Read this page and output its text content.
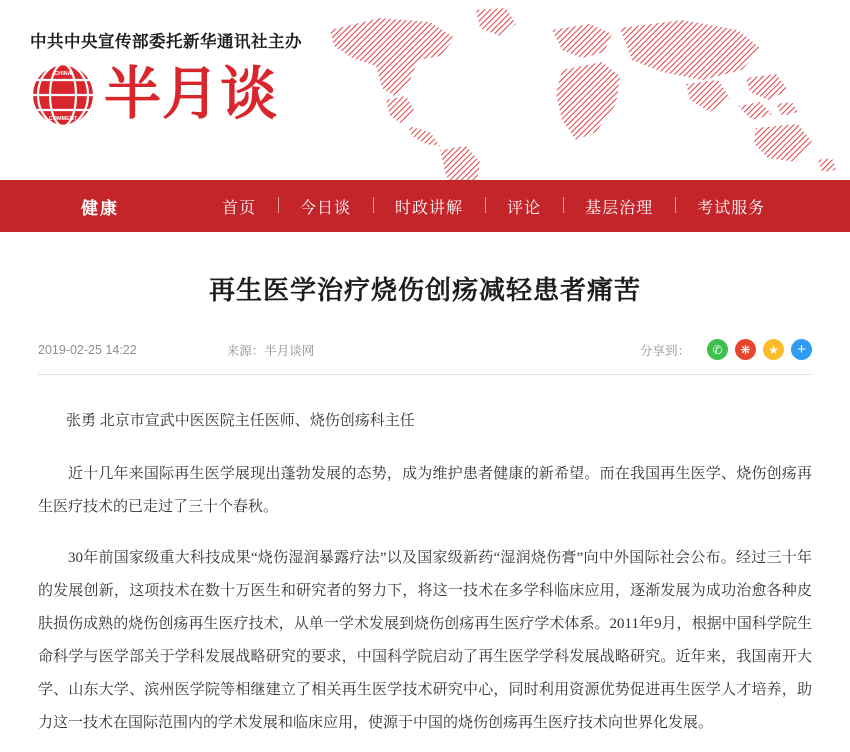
中共中央宣传部委托新华通讯社主办
CHINA
COMMENT 半月谈
健康	首页	今日谈	时政讲解	评论	基层治理	考试服务
再生医学治疗烧伤创疡减轻患者痛苦
2019-02-25 14:22	来源：半月谈网	分享到：	✆	❋	★	+
张勇 北京市宣武中医医院主任医师、烧伤创疡科主任

近十几年来国际再生医学展现出蓬勃发展的态势，成为维护患者健康的新希望。而在我国再生医学、烧伤创疡再生医疗技术的已走过了三十个春秋。

30年前国家级重大科技成果“烧伤湿润暴露疗法”以及国家级新药“湿润烧伤膏”向中外国际社会公布。经过三十年的发展创新，这项技术在数十万医生和研究者的努力下，将这一技术在多学科临床应用，逐渐发展为成功治愈各种皮肤损伤成熟的烧伤创疡再生医疗技术，从单一学术发展到烧伤创疡再生医疗学术体系。2011年9月，根据中国科学院生命科学与医学部关于学科发展战略研究的要求，中国科学院启动了再生医学学科发展战略研究。近年来，我国南开大学、山东大学、滨州医学院等相继建立了相关再生医学技术研究中心，同时利用资源优势促进再生医学人才培养，助力这一技术在国际范围内的学术发展和临床应用，使源于中国的烧伤创疡再生医疗技术向世界化发展。
